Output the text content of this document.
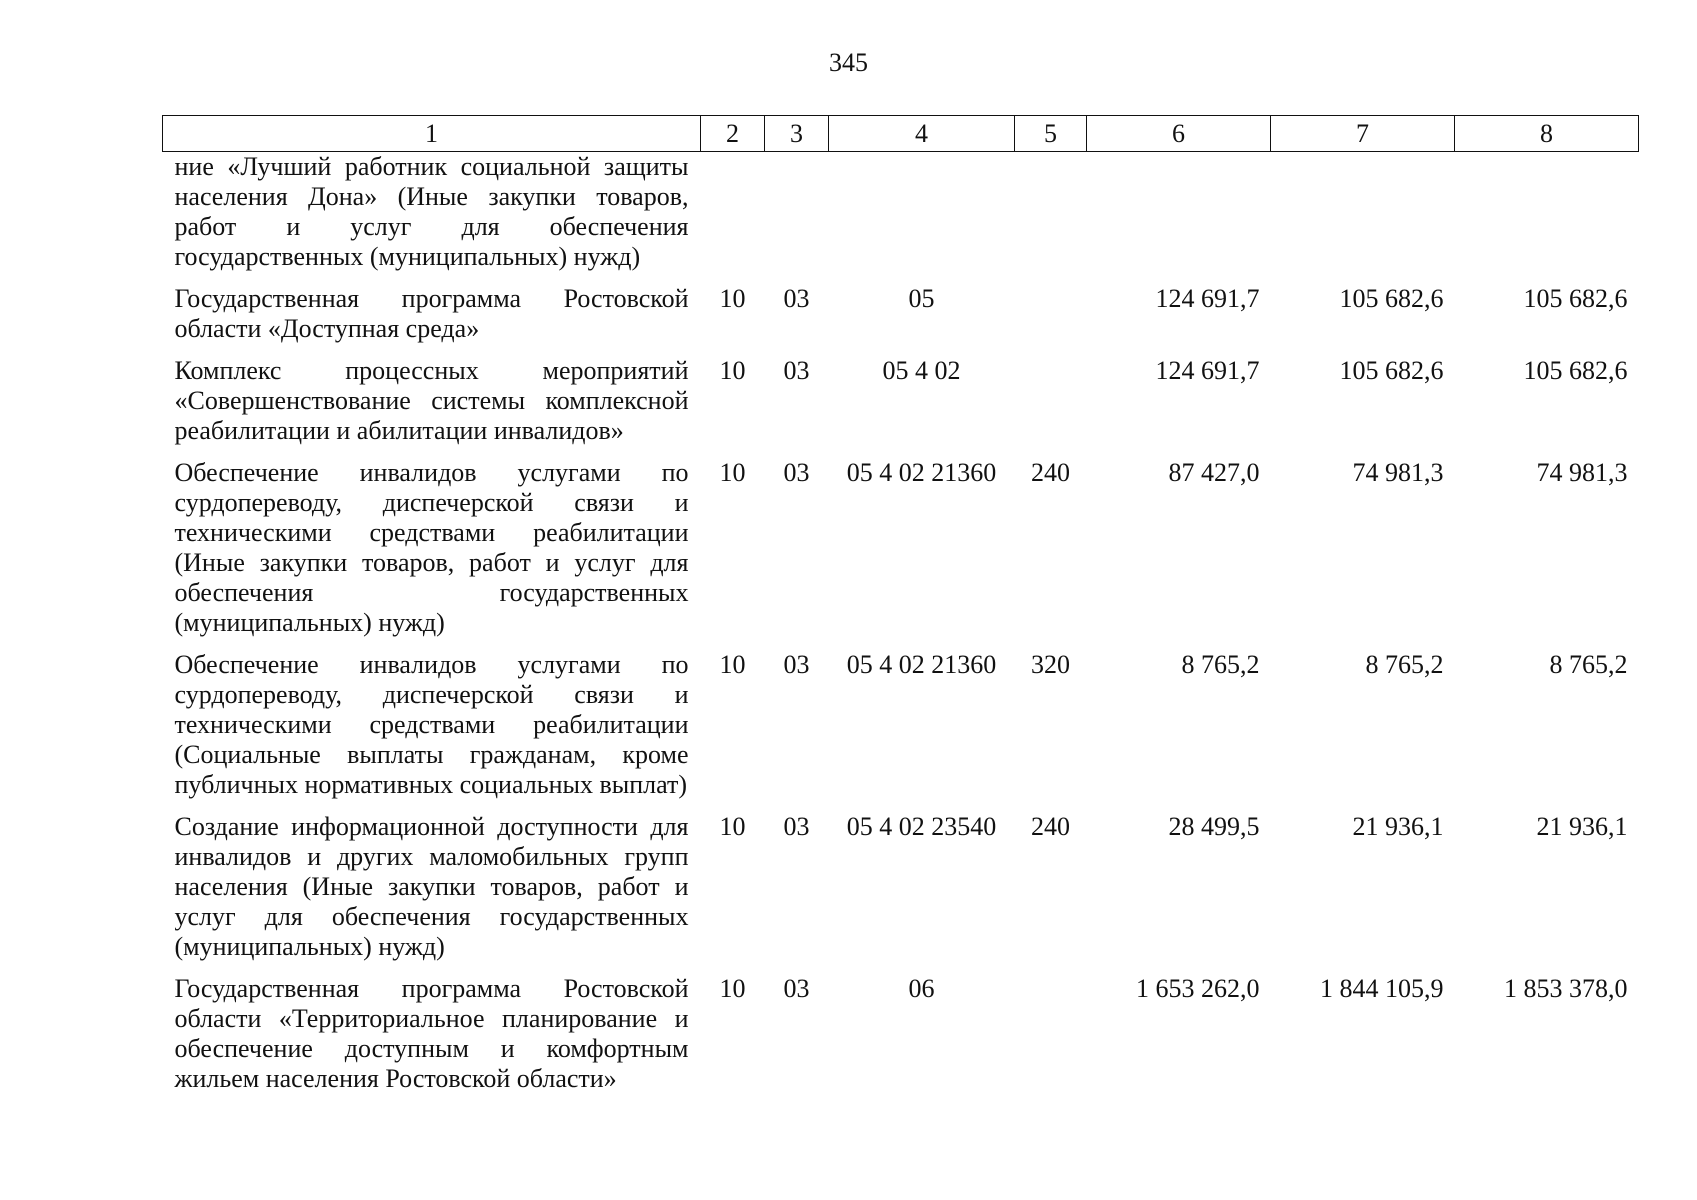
345
1	2	3	4	5	6	7	8
ние «Лучший работник социальной защиты населения Дона» (Иные закупки товаров, работ и услуг для обеспечения государственных (муниципальных) нужд)							
Государственная программа Ростовской области «Доступная среда»	10	03	05		124 691,7	105 682,6	105 682,6
Комплекс процессных мероприятий «Совершенствование системы комплексной реабилитации и абилитации инвалидов»	10	03	05 4 02		124 691,7	105 682,6	105 682,6
Обеспечение инвалидов услугами по сурдопереводу, диспечерской связи и техническими средствами реабилитации (Иные закупки товаров, работ и услуг для обеспечения государственных (муниципальных) нужд)	10	03	05 4 02 21360	240	87 427,0	74 981,3	74 981,3
Обеспечение инвалидов услугами по сурдопереводу, диспечерской связи и техническими средствами реабилитации (Социальные выплаты гражданам, кроме публичных нормативных социальных выплат)	10	03	05 4 02 21360	320	8 765,2	8 765,2	8 765,2
Создание информационной доступности для инвалидов и других маломобильных групп населения (Иные закупки товаров, работ и услуг для обеспечения государственных (муниципальных) нужд)	10	03	05 4 02 23540	240	28 499,5	21 936,1	21 936,1
Государственная программа Ростовской области «Территориальное планирование и обеспечение доступным и комфортным жильем населения Ростовской области»	10	03	06		1 653 262,0	1 844 105,9	1 853 378,0
